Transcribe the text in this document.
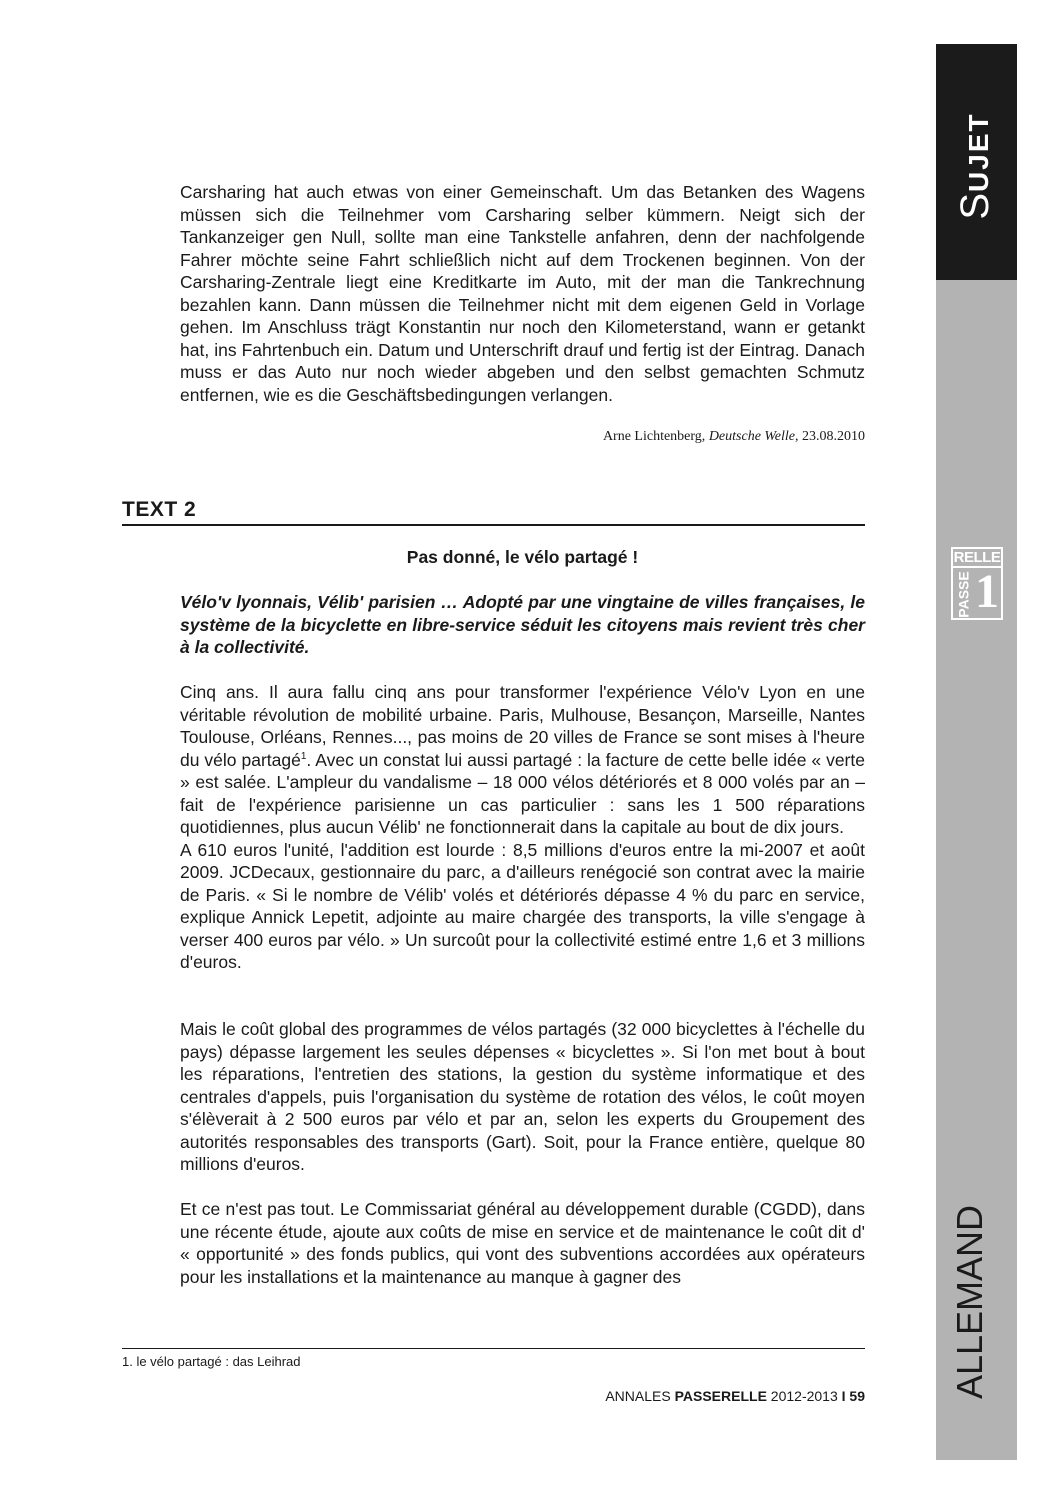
SUJET
RELLE
PASSE 1
ALLEMAND

Carsharing hat auch etwas von einer Gemeinschaft. Um das Betanken des Wagens müssen sich die Teilnehmer vom Carsharing selber kümmern. Neigt sich der Tankanzeiger gen Null, sollte man eine Tankstelle anfahren, denn der nachfolgende Fahrer möchte seine Fahrt schließlich nicht auf dem Trockenen beginnen. Von der Carsharing-Zentrale liegt eine Kreditkarte im Auto, mit der man die Tankrechnung bezahlen kann. Dann müssen die Teilnehmer nicht mit dem eigenen Geld in Vorlage gehen. Im Anschluss trägt Konstantin nur noch den Kilometerstand, wann er getankt hat, ins Fahrtenbuch ein. Datum und Unterschrift drauf und fertig ist der Eintrag. Danach muss er das Auto nur noch wieder abgeben und den selbst gemachten Schmutz entfernen, wie es die Geschäftsbedingungen verlangen.

Arne Lichtenberg, Deutsche Welle, 23.08.2010
TEXT 2
Pas donné, le vélo partagé !

Vélo'v lyonnais, Vélib' parisien … Adopté par une vingtaine de villes françaises, le système de la bicyclette en libre-service séduit les citoyens mais revient très cher à la collectivité.

Cinq ans. Il aura fallu cinq ans pour transformer l'expérience Vélo'v Lyon en une véritable révolution de mobilité urbaine. Paris, Mulhouse, Besançon, Marseille, Nantes Toulouse, Orléans, Rennes..., pas moins de 20 villes de France se sont mises à l'heure du vélo partagé$^1$. Avec un constat lui aussi partagé : la facture de cette belle idée « verte » est salée. L'ampleur du vandalisme – 18 000 vélos détériorés et 8 000 volés par an – fait de l'expérience parisienne un cas particulier : sans les 1 500 réparations quotidiennes, plus aucun Vélib' ne fonctionnerait dans la capitale au bout de dix jours.

A 610 euros l'unité, l'addition est lourde : 8,5 millions d'euros entre la mi-2007 et août 2009. JCDecaux, gestionnaire du parc, a d'ailleurs renégocié son contrat avec la mairie de Paris. « Si le nombre de Vélib' volés et détériorés dépasse 4 % du parc en service, explique Annick Lepetit, adjointe au maire chargée des transports, la ville s'engage à verser 400 euros par vélo. » Un surcoût pour la collectivité estimé entre 1,6 et 3 millions d'euros.

Mais le coût global des programmes de vélos partagés (32 000 bicyclettes à l'échelle du pays) dépasse largement les seules dépenses « bicyclettes ». Si l'on met bout à bout les réparations, l'entretien des stations, la gestion du système informatique et des centrales d'appels, puis l'organisation du système de rotation des vélos, le coût moyen s'élèverait à 2 500 euros par vélo et par an, selon les experts du Groupement des autorités responsables des transports (Gart). Soit, pour la France entière, quelque 80 millions d'euros.

Et ce n'est pas tout. Le Commissariat général au développement durable (CGDD), dans une récente étude, ajoute aux coûts de mise en service et de maintenance le coût dit d' « opportunité » des fonds publics, qui vont des subventions accordées aux opérateurs pour les installations et la maintenance au manque à gagner des

1. le vélo partagé : das Leihrad
ANNALES PASSERELLE 2012-2013 I 59
